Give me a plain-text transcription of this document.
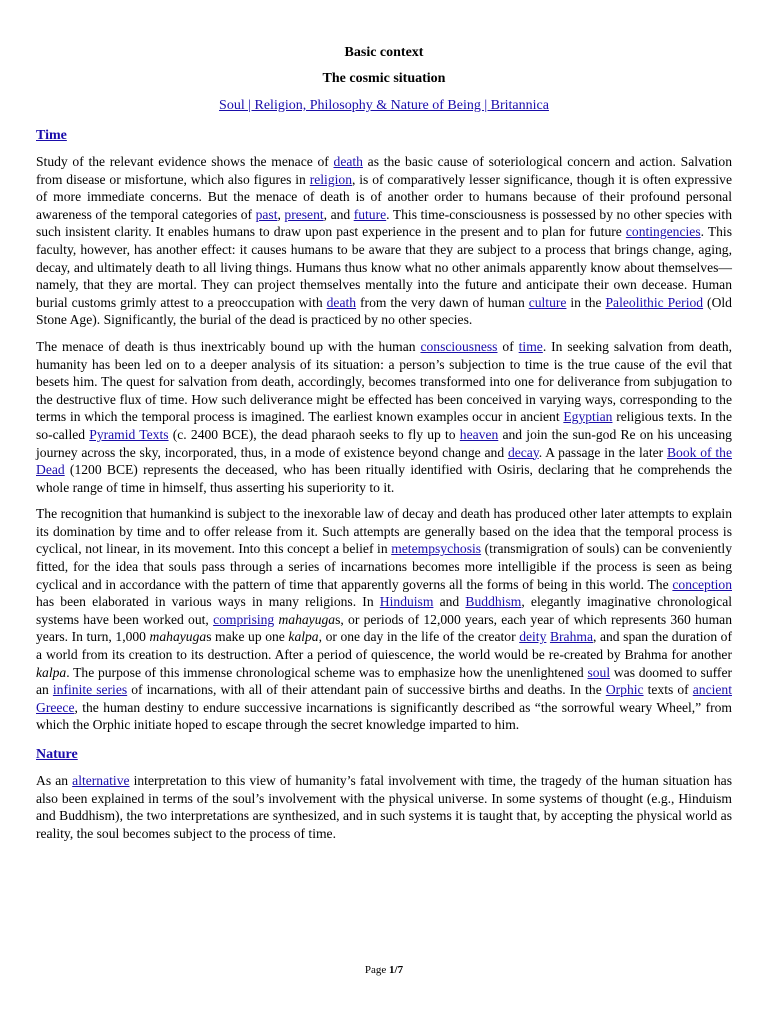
Basic context

The cosmic situation

Soul | Religion, Philosophy & Nature of Being | Britannica

Time

Study of the relevant evidence shows the menace of death as the basic cause of soteriological concern and action. Salvation from disease or misfortune, which also figures in religion, is of comparatively lesser significance, though it is often expressive of more immediate concerns. But the menace of death is of another order to humans because of their profound personal awareness of the temporal categories of past, present, and future. This time-consciousness is possessed by no other species with such insistent clarity. It enables humans to draw upon past experience in the present and to plan for future contingencies. This faculty, however, has another effect: it causes humans to be aware that they are subject to a process that brings change, aging, decay, and ultimately death to all living things. Humans thus know what no other animals apparently know about themselves—namely, that they are mortal. They can project themselves mentally into the future and anticipate their own decease. Human burial customs grimly attest to a preoccupation with death from the very dawn of human culture in the Paleolithic Period (Old Stone Age). Significantly, the burial of the dead is practiced by no other species.

The menace of death is thus inextricably bound up with the human consciousness of time. In seeking salvation from death, humanity has been led on to a deeper analysis of its situation: a person’s subjection to time is the true cause of the evil that besets him. The quest for salvation from death, accordingly, becomes transformed into one for deliverance from subjugation to the destructive flux of time. How such deliverance might be effected has been conceived in varying ways, corresponding to the terms in which the temporal process is imagined. The earliest known examples occur in ancient Egyptian religious texts. In the so-called Pyramid Texts (c. 2400 BCE), the dead pharaoh seeks to fly up to heaven and join the sun-god Re on his unceasing journey across the sky, incorporated, thus, in a mode of existence beyond change and decay. A passage in the later Book of the Dead (1200 BCE) represents the deceased, who has been ritually identified with Osiris, declaring that he comprehends the whole range of time in himself, thus asserting his superiority to it.

The recognition that humankind is subject to the inexorable law of decay and death has produced other later attempts to explain its domination by time and to offer release from it. Such attempts are generally based on the idea that the temporal process is cyclical, not linear, in its movement. Into this concept a belief in metempsychosis (transmigration of souls) can be conveniently fitted, for the idea that souls pass through a series of incarnations becomes more intelligible if the process is seen as being cyclical and in accordance with the pattern of time that apparently governs all the forms of being in this world. The conception has been elaborated in various ways in many religions. In Hinduism and Buddhism, elegantly imaginative chronological systems have been worked out, comprising mahayugas, or periods of 12,000 years, each year of which represents 360 human years. In turn, 1,000 mahayugas make up one kalpa, or one day in the life of the creator deity Brahma, and span the duration of a world from its creation to its destruction. After a period of quiescence, the world would be re-created by Brahma for another kalpa. The purpose of this immense chronological scheme was to emphasize how the unenlightened soul was doomed to suffer an infinite series of incarnations, with all of their attendant pain of successive births and deaths. In the Orphic texts of ancient Greece, the human destiny to endure successive incarnations is significantly described as “the sorrowful weary Wheel,” from which the Orphic initiate hoped to escape through the secret knowledge imparted to him.

Nature

As an alternative interpretation to this view of humanity’s fatal involvement with time, the tragedy of the human situation has also been explained in terms of the soul’s involvement with the physical universe. In some systems of thought (e.g., Hinduism and Buddhism), the two interpretations are synthesized, and in such systems it is taught that, by accepting the physical world as reality, the soul becomes subject to the process of time.

Page 1/7
